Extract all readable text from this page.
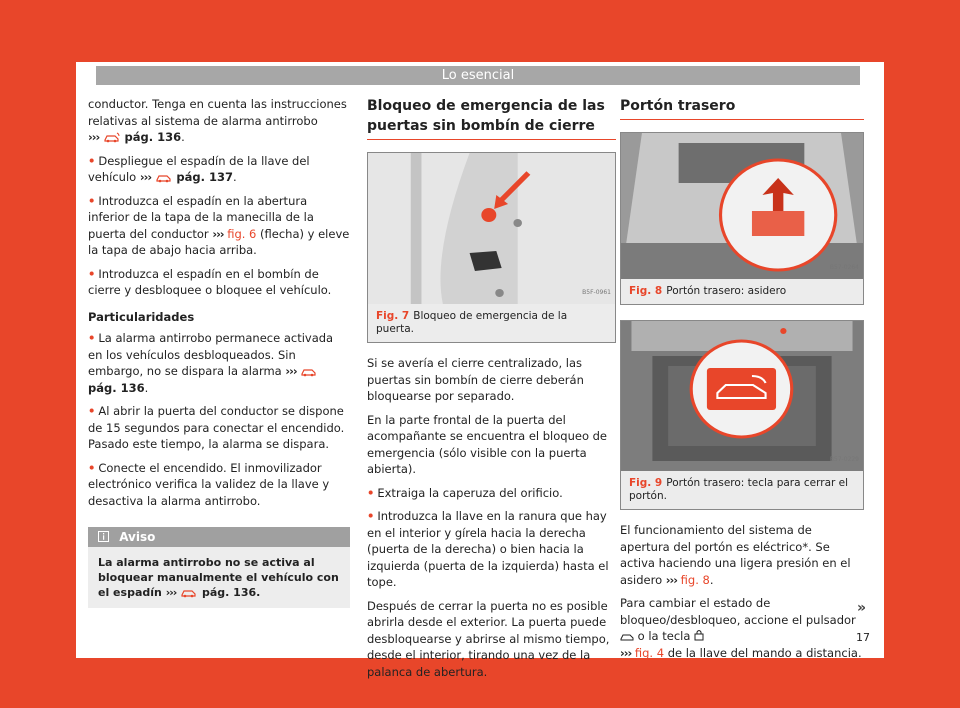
Lo esencial

conductor. Tenga en cuenta las instrucciones relativas al sistema de alarma antirrobo
››› pág. 136.

• Despliegue el espadín de la llave del vehículo ››› pág. 137.

• Introduzca el espadín en la abertura inferior de la tapa de la manecilla de la puerta del conductor ››› fig. 6 (flecha) y eleve la tapa de abajo hacia arriba.

• Introduzca el espadín en el bombín de cierre y desbloquee o bloquee el vehículo.

Particularidades

• La alarma antirrobo permanece activada en los vehículos desbloqueados. Sin embargo, no se dispara la alarma ›››  pág. 136.

• Al abrir la puerta del conductor se dispone de 15 segundos para conectar el encendido. Pasado este tiempo, la alarma se dispara.

• Conecte el encendido. El inmovilizador electrónico verifica la validez de la llave y desactiva la alarma antirrobo.

Aviso
La alarma antirrobo no se activa al bloquear manualmente el vehículo con el espadín ››› pág. 136.
Bloqueo de emergencia de las puertas sin bombín de cierre
B5F-0961
Fig. 7 Bloqueo de emergencia de la puerta.

Si se avería el cierre centralizado, las puertas sin bombín de cierre deberán bloquearse por separado.

En la parte frontal de la puerta del acompañante se encuentra el bloqueo de emergencia (sólo visible con la puerta abierta).

• Extraiga la caperuza del orificio.

• Introduzca la llave en la ranura que hay en el interior y gírela hacia la derecha (puerta de la derecha) o bien hacia la izquierda (puerta de la izquierda) hasta el tope.

Después de cerrar la puerta no es posible abrirla desde el exterior. La puerta puede desbloquearse y abrirse al mismo tiempo, desde el interior, tirando una vez de la palanca de abertura.

Portón trasero
B57-0264
Fig. 8 Portón trasero: asidero
B57-0229
Fig. 9 Portón trasero: tecla para cerrar el portón.

El funcionamiento del sistema de apertura del portón es eléctrico*. Se activa haciendo una ligera presión en el asidero ››› fig. 8.

Para cambiar el estado de bloqueo/desbloqueo, accione el pulsador  o la tecla
››› fig. 4 de la llave del mando a distancia.

»
17
